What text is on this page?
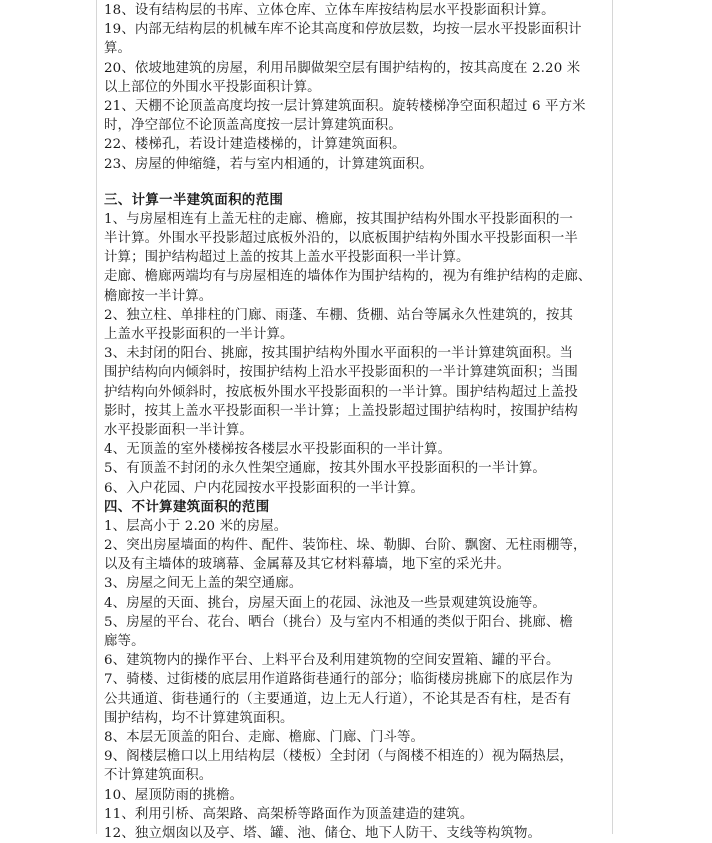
18、设有结构层的书库、立体仓库、立体车库按结构层水平投影面积计算。
19、内部无结构层的机械车库不论其高度和停放层数，均按一层水平投影面积计
算。
20、依坡地建筑的房屋，利用吊脚做架空层有围护结构的，按其高度在 2.20 米
以上部位的外围水平投影面积计算。
21、天棚不论顶盖高度均按一层计算建筑面积。旋转楼梯净空面积超过 6 平方米
时，净空部位不论顶盖高度按一层计算建筑面积。
22、楼梯孔，若设计建造楼梯的，计算建筑面积。
23、房屋的伸缩缝，若与室内相通的，计算建筑面积。
三、计算一半建筑面积的范围
1、与房屋相连有上盖无柱的走廊、檐廊，按其围护结构外围水平投影面积的一
半计算。外围水平投影超过底板外沿的，以底板围护结构外围水平投影面积一半
计算；围护结构超过上盖的按其上盖水平投影面积一半计算。
走廊、檐廊两端均有与房屋相连的墙体作为围护结构的，视为有维护结构的走廊、
檐廊按一半计算。
2、独立柱、单排柱的门廊、雨蓬、车棚、货棚、站台等属永久性建筑的，按其
上盖水平投影面积的一半计算。
3、未封闭的阳台、挑廊，按其围护结构外围水平面积的一半计算建筑面积。当
围护结构向内倾斜时，按围护结构上沿水平投影面积的一半计算建筑面积；当围
护结构向外倾斜时，按底板外围水平投影面积的一半计算。围护结构超过上盖投
影时，按其上盖水平投影面积一半计算；上盖投影超过围护结构时，按围护结构
水平投影面积一半计算。
4、无顶盖的室外楼梯按各楼层水平投影面积的一半计算。
5、有顶盖不封闭的永久性架空通廊，按其外围水平投影面积的一半计算。
6、入户花园、户内花园按水平投影面积的一半计算。
四、不计算建筑面积的范围
1、层高小于 2.20 米的房屋。
2、突出房屋墙面的构件、配件、装饰柱、垛、勒脚、台阶、飘窗、无柱雨棚等，
以及有主墙体的玻璃幕、金属幕及其它材料幕墙，地下室的采光井。
3、房屋之间无上盖的架空通廊。
4、房屋的天面、挑台，房屋天面上的花园、泳池及一些景观建筑设施等。
5、房屋的平台、花台、晒台（挑台）及与室内不相通的类似于阳台、挑廊、檐
廊等。
6、建筑物内的操作平台、上料平台及利用建筑物的空间安置箱、罐的平台。
7、骑楼、过街楼的底层用作道路街巷通行的部分；临街楼房挑廊下的底层作为
公共通道、街巷通行的（主要通道，边上无人行道），不论其是否有柱，是否有
围护结构，均不计算建筑面积。
8、本层无顶盖的阳台、走廊、檐廊、门廊、门斗等。
9、阁楼层檐口以上用结构层（楼板）全封闭（与阁楼不相连的）视为隔热层，
不计算建筑面积。
10、屋顶防雨的挑檐。
11、利用引桥、高架路、高架桥等路面作为顶盖建造的建筑。
12、独立烟囱以及亭、塔、罐、池、储仓、地下人防干、支线等构筑物。
